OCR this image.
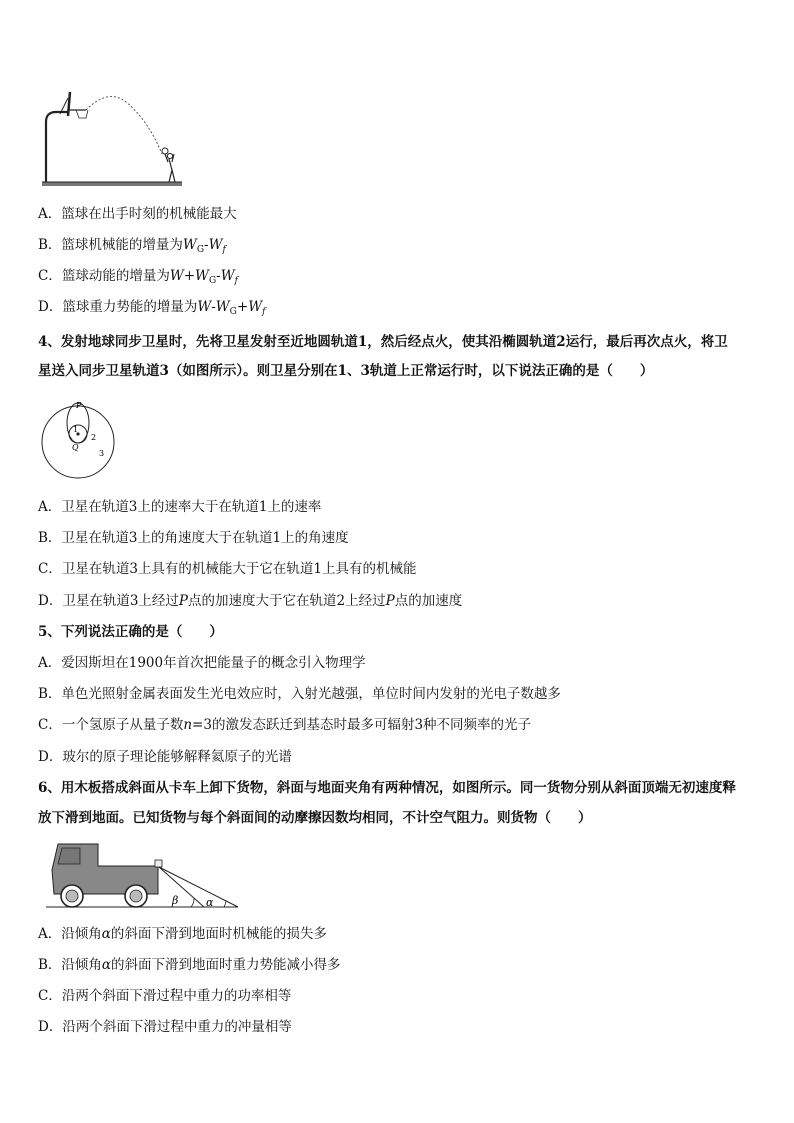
A．篮球在出手时刻的机械能最大
B．篮球机械能的增量为$W_G-W_f$
C．篮球动能的增量为$W+W_G-W_f$
D．篮球重力势能的增量为$W-W_G+W_f$
4、发射地球同步卫星时，先将卫星发射至近地圆轨道1，然后经点火，使其沿椭圆轨道2运行，最后再次点火，将卫
星送入同步卫星轨道3（如图所示）。则卫星分别在1、3轨道上正常运行时，以下说法正确的是（　　）
P
Q
1
2
3
A．卫星在轨道3上的速率大于在轨道1上的速率
B．卫星在轨道3上的角速度大于在轨道1上的角速度
C．卫星在轨道3上具有的机械能大于它在轨道1上具有的机械能
D．卫星在轨道3上经过P点的加速度大于它在轨道2上经过P点的加速度
5、下列说法正确的是（　　）
A．爱因斯坦在1900年首次把能量子的概念引入物理学
B．单色光照射金属表面发生光电效应时，入射光越强，单位时间内发射的光电子数越多
C．一个氢原子从量子数n=3的激发态跃迁到基态时最多可辐射3种不同频率的光子
D．玻尔的原子理论能够解释氦原子的光谱
6、用木板搭成斜面从卡车上卸下货物，斜面与地面夹角有两种情况，如图所示。同一货物分别从斜面顶端无初速度释
放下滑到地面。已知货物与每个斜面间的动摩擦因数均相同，不计空气阻力。则货物（　　）
β	α
A．沿倾角α的斜面下滑到地面时机械能的损失多
B．沿倾角α的斜面下滑到地面时重力势能减小得多
C．沿两个斜面下滑过程中重力的功率相等
D．沿两个斜面下滑过程中重力的冲量相等
